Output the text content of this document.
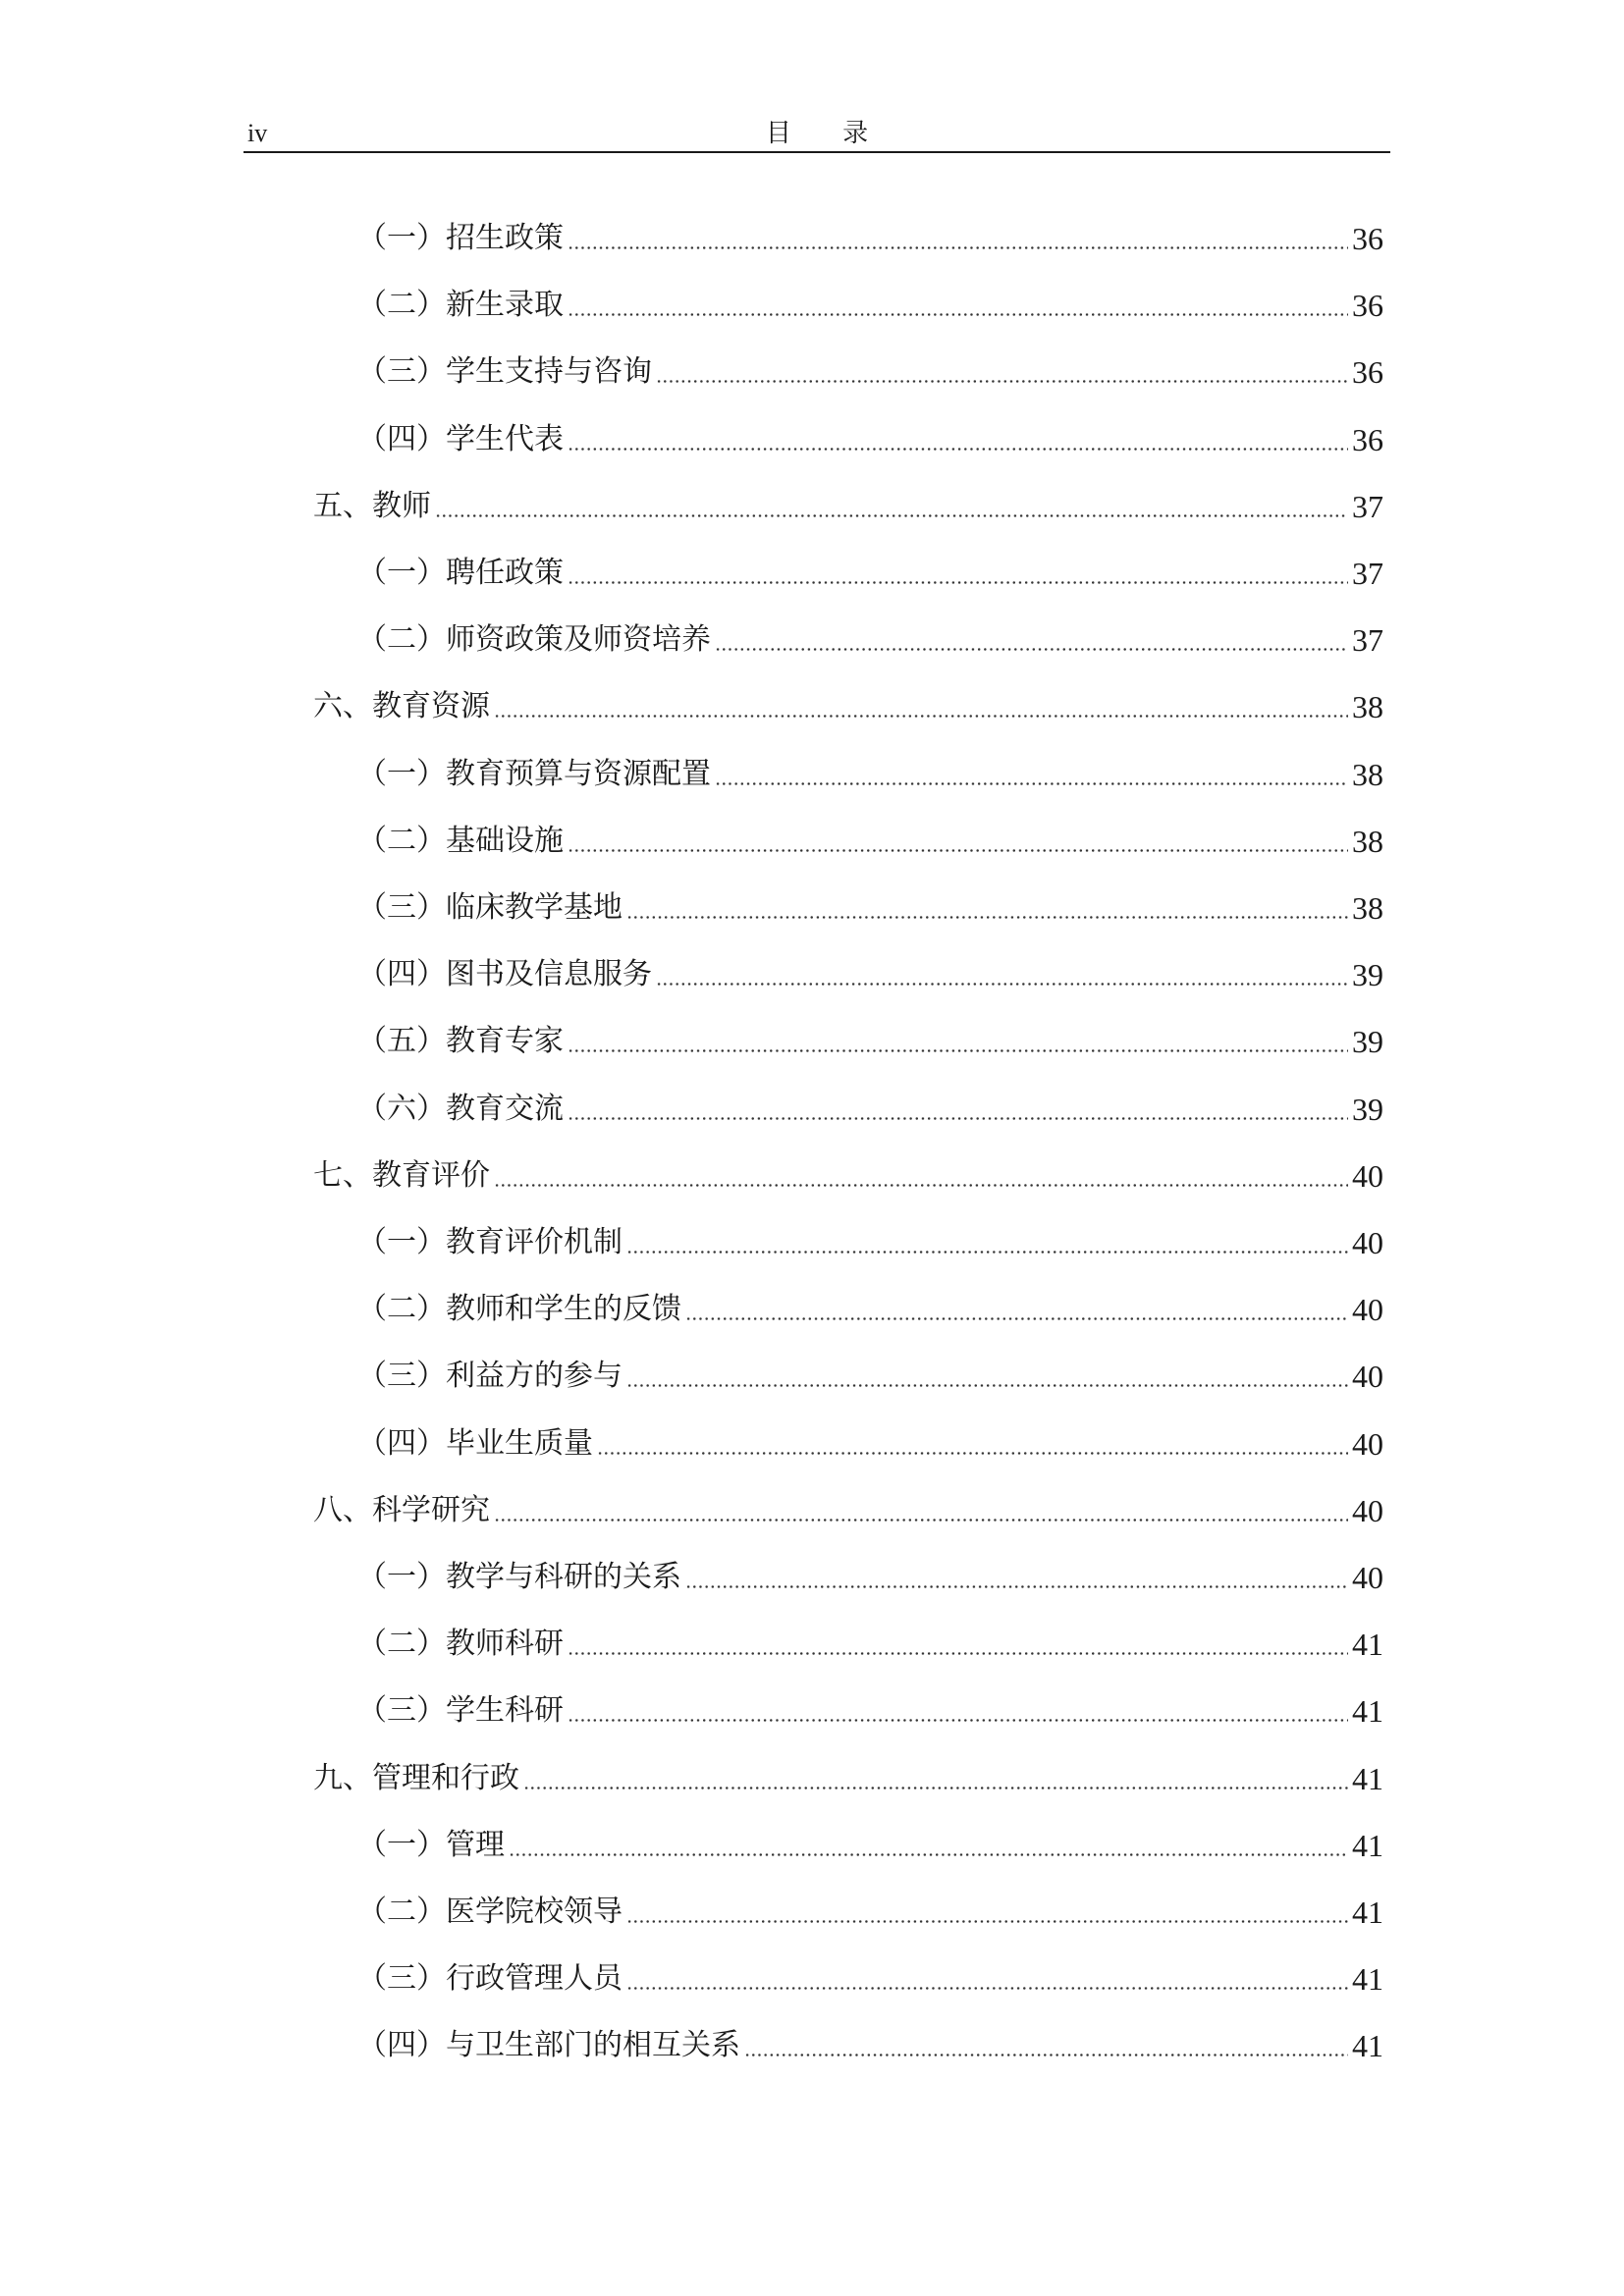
iv	目 录
（一）招生政策	36
（二）新生录取	36
（三）学生支持与咨询	36
（四）学生代表	36
五、教师	37
（一）聘任政策	37
（二）师资政策及师资培养	37
六、教育资源	38
（一）教育预算与资源配置	38
（二）基础设施	38
（三）临床教学基地	38
（四）图书及信息服务	39
（五）教育专家	39
（六）教育交流	39
七、教育评价	40
（一）教育评价机制	40
（二）教师和学生的反馈	40
（三）利益方的参与	40
（四）毕业生质量	40
八、科学研究	40
（一）教学与科研的关系	40
（二）教师科研	41
（三）学生科研	41
九、管理和行政	41
（一）管理	41
（二）医学院校领导	41
（三）行政管理人员	41
（四）与卫生部门的相互关系	41
